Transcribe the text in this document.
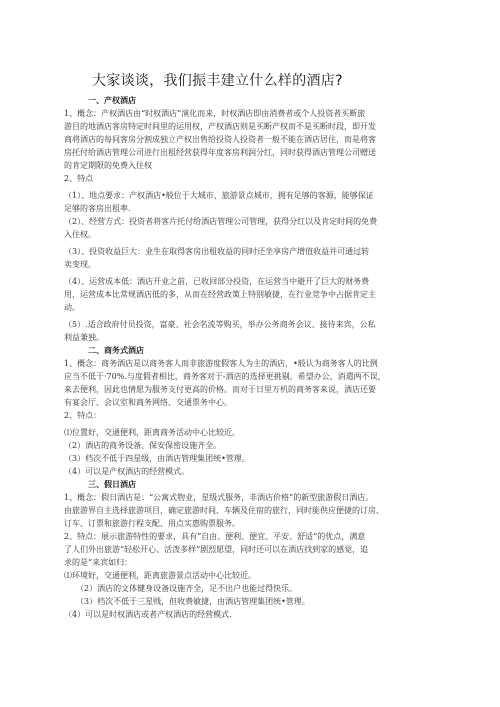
大家谈谈，我们振丰建立什么样的酒店?
一、产权酒店
1、概念：产权酒店由“时权酒店”演化而来，时权酒店即由消费者或个人投资者买断旅
游目的地酒店客房特定时间里的运用权，产权酒店则是买断产权而不是买断时段，即开发
商将酒店的每间客房分割成独立产权出售给投资人投资者一般不能在酒店居住，而是将客
房托付给酒店管理公司进行出租经营获得年度客房利润分红，同时获得酒店管理公司赠送
的肯定期限的免费入住权
2、特点
（1）、地点要求：产权酒店•般位于大城市、旅游景点城市，拥有足够的客源，能够保证
足够的客房出租率.
（2）、经营方式：投资者将客片托付给酒店管理公司管理，获得分红以及肯定时间的免费
入住权。
（3）、投资收益巨大：业生在取得客房出租收益的同时还坐享房产增值收益并可通过转
卖变现。
（4）、运营成本低：酒店开业之前，已收回部分投资，在运营当中避开了巨大的财务费
用，运营成本比常规酒店低的多，从而在经营政策上特别敏捷，在行业竞争中占据肯定主
动。
（5）.适合政府付员投资，富豪、社会名流等购买，举办公务商务会议、接待来宾，公私
利益兼独。
二、商务式酒店
1、概念：商务酒店是以商务客人而非旅游度假客人为主的酒店，•般认为商务客人的比例
应当不低于·70%.与度假者相比，商务客对于-酒店的选择更挑剔，希望办公、消遣两不误，
来去便利，因此也情愿为服务支付更高的价格。而对于日里万机的商务客来说，酒店还要
有宴会厅、会议室和商务网络、交通票务中心。
2、特点：
⑴位置好，交通便利，距离商务活动中心比较近。
（2）酒店的商务设备、保安保密设施齐全。
（3）档次不低于四星级，由酒店管理集团统•管理。
（4）可以是产权酒店的经营模式。
三、假日酒店
1、概念：假日酒店是：“公寓式物业，星级式服务，非酒店价格”的新型旅游假日酒店。
由旅游界自主选择旅游项目，确定旅游时间、车辆及住宿的旅行，同时能供应便捷的订房、
订车、订票和旅游行程支配、用点实惠购票服务。
2、特点：展示旅游特性的要求，具有“自由、便利、便宜、平安、舒适”的优点，满意
了人们外出旅游“轻松开心、活泼多样”剧烈愿望，同时还可以在酒店找到家的感觉，追
求的是“来宾如归：
⑴环境好，交通便利，距离旅游景点活动中心比较近。
　　（2）酒店的文体健身设备设施齐全，足不出户也能过得快乐。
　　（3）档次不低于三星贱，但收费敏捷，由酒店管理集团统•管理。
（4）可以是时权酒店或者产权酒店的经营模式.
